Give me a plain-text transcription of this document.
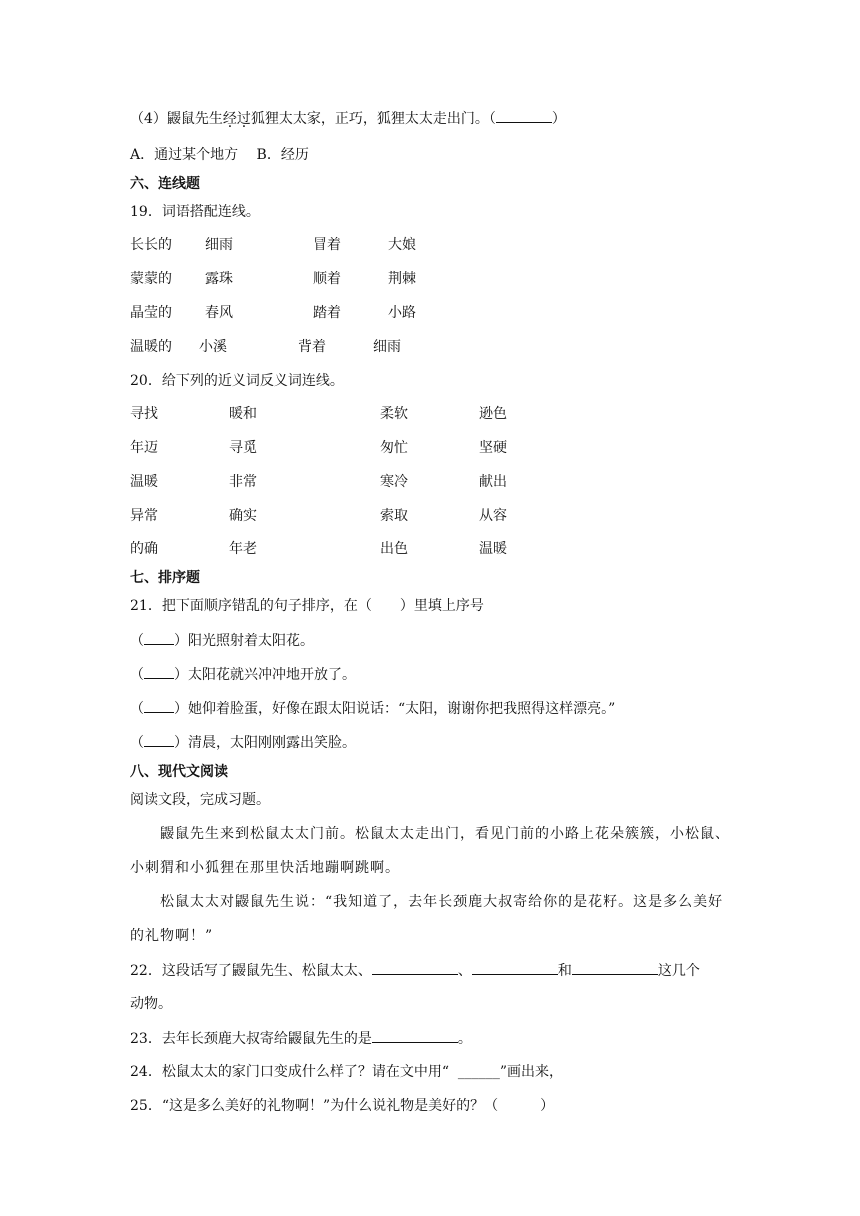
（4）鼹鼠先生经过狐狸太太家，正巧，狐狸太太走出门。（	）
A．通过某个地方　 B．经历
六、连线题
19．词语搭配连线。
长长的 细雨	冒着	大娘
蒙蒙的 露珠	顺着	荆棘
晶莹的 春风	踏着	小路
温暖的 小溪	背着	细雨
20．给下列的近义词反义词连线。
寻找	暖和	柔软	逊色
年迈	寻觅	匆忙	坚硬
温暖	非常	寒冷	献出
异常	确实	索取	从容
的确	年老	出色	温暖
七、排序题
21．把下面顺序错乱的句子排序，在（　　）里填上序号
（ ）阳光照射着太阳花。
（ ）太阳花就兴冲冲地开放了。
（ ）她仰着脸蛋，好像在跟太阳说话：“太阳，谢谢你把我照得这样漂亮。”
（ ）清晨，太阳刚刚露出笑脸。
八、现代文阅读
阅读文段，完成习题。
鼹鼠先生来到松鼠太太门前。松鼠太太走出门，看见门前的小路上花朵簇簇，小松鼠、
小刺猬和小狐狸在那里快活地蹦啊跳啊。
松鼠太太对鼹鼠先生说：“我知道了，去年长颈鹿大叔寄给你的是花籽。这是多么美好
的礼物啊！”
22．这段话写了鼹鼠先生、松鼠太太、	、	和	这几个
动物。
23．去年长颈鹿大叔寄给鼹鼠先生的是	。
24．松鼠太太的家门口变成什么样了？请在文中用“ ______”画出来，
25．“这是多么美好的礼物啊！”为什么说礼物是美好的？（　　　）
